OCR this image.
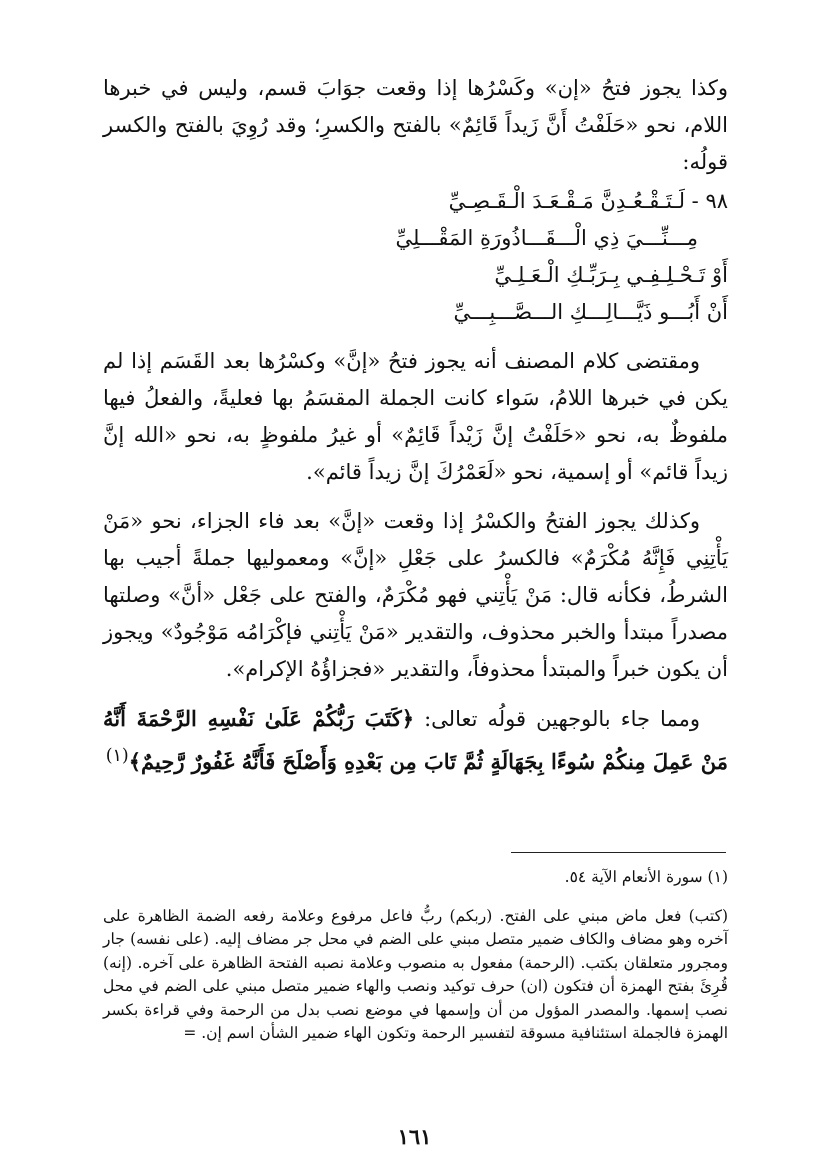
وكذا يجوز فتحُ «إن» وكَسْرُها إذا وقعت جوَابَ قسم، وليس في خبرها اللام، نحو «حَلَفْتُ أَنَّ زَيداً قَائِمٌ» بالفتح والكسرِ؛ وقد رُوِيَ بالفتح والكسر قولُه:

٩٨ - لَـتَـقْـعُـدِنَّ مَـقْـعَـدَ الْـقَـصِـيِّ
مِـــنِّـــيَ ذِي الْـــقَـــاذُورَةِ المَقْـــلِيِّ
أَوْ تَـحْـلِـفِـي بِـرَبِّـكِ الْـعَـلِـيِّ
أَنْ أَبُـــو ذَيَّـــالِـــكِ الـــصَّـــبِـــيِّ

ومقتضى كلام المصنف أنه يجوز فتحُ «إنَّ» وكسْرُها بعد القَسَم إذا لم يكن في خبرها اللامُ، سَواء كانت الجملة المقسَمُ بها فعليةً، والفعلُ فيها ملفوظٌ به، نحو «حَلَفْتُ إنَّ زَيْداً قَائِمٌ» أو غيرُ ملفوظٍ به، نحو «الله إنَّ زيداً قائم» أو إسمية، نحو «لَعَمْرُكَ إنَّ زيداً قائم».

وكذلك يجوز الفتحُ والكسْرُ إذا وقعت «إنَّ» بعد فاء الجزاء، نحو «مَنْ يَأْتِنِي فَإِنَّهُ مُكْرَمٌ» فالكسرُ على جَعْلِ «إنَّ» ومعموليها جملةً أجيب بها الشرطُ، فكأنه قال: مَنْ يَأْتِني فهو مُكْرَمٌ، والفتح على جَعْل «أنَّ» وصلتها مصدراً مبتدأ والخبر محذوف، والتقدير «مَنْ يَأْتِني فإكْرَامُه مَوْجُودٌ» ويجوز أن يكون خبراً والمبتدأ محذوفاً، والتقدير «فجزاؤُهُ الإكرام».

ومما جاء بالوجهين قولُه تعالى: ﴿كَتَبَ رَبُّكُمْ عَلَىٰ نَفْسِهِ الرَّحْمَةَ أَنَّهُ مَنْ عَمِلَ مِنكُمْ سُوءًا بِجَهَالَةٍ ثُمَّ تَابَ مِن بَعْدِهِ وَأَصْلَحَ فَأَنَّهُ غَفُورٌ رَّحِيمٌ﴾$^{(١)}$

(١) سورة الأنعام الآية ٥٤.

(كتب) فعل ماض مبني على الفتح. (ربكم) ربُّ فاعل مرفوع وعلامة رفعه الضمة الظاهرة على آخره وهو مضاف والكاف ضمير متصل مبني على الضم في محل جر مضاف إليه. (على نفسه) جار ومجرور متعلقان بكتب. (الرحمة) مفعول به منصوب وعلامة نصبه الفتحة الظاهرة على آخره. (إنه) قُرِئَ بفتح الهمزة أن فتكون (ان) حرف توكيد ونصب والهاء ضمير متصل مبني على الضم في محل نصب إسمها. والمصدر المؤول من أن وإسمها في موضع نصب بدل من الرحمة وفي قراءة بكسر الهمزة فالجملة استئنافية مسوقة لتفسير الرحمة وتكون الهاء ضمير الشأن اسم إن. =

١٦١
